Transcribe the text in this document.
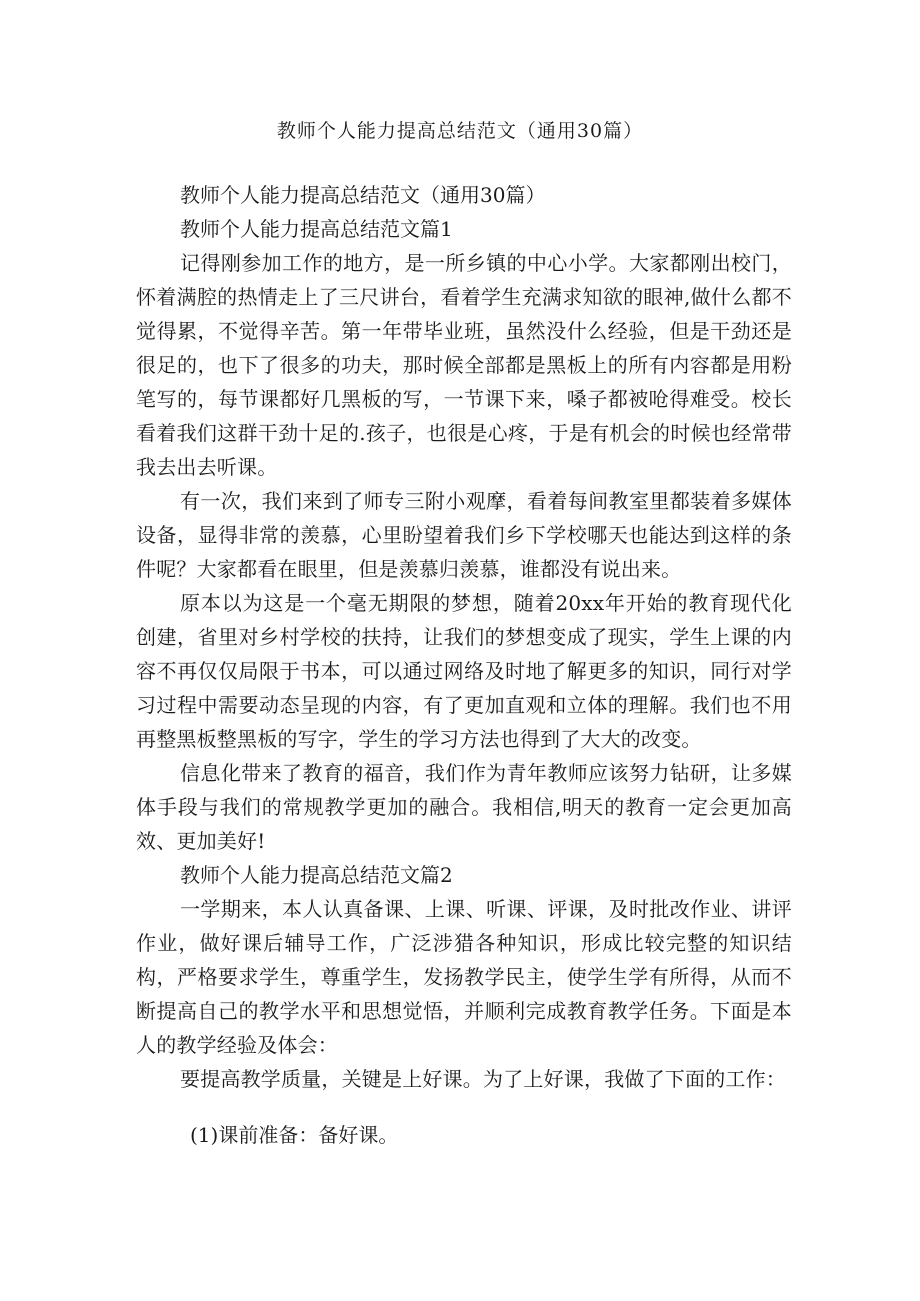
教师个人能力提高总结范文（通用30篇）

教师个人能力提高总结范文（通用30篇）

教师个人能力提高总结范文篇1

记得刚参加工作的地方，是一所乡镇的中心小学。大家都刚出校门，怀着满腔的热情走上了三尺讲台，看着学生充满求知欲的眼神,做什么都不觉得累，不觉得辛苦。第一年带毕业班，虽然没什么经验，但是干劲还是很足的，也下了很多的功夫，那时候全部都是黑板上的所有内容都是用粉笔写的，每节课都好几黑板的写，一节课下来，嗓子都被呛得难受。校长看着我们这群干劲十足的.孩子，也很是心疼，于是有机会的时候也经常带我去出去听课。

有一次，我们来到了师专三附小观摩，看着每间教室里都装着多媒体设备，显得非常的羡慕，心里盼望着我们乡下学校哪天也能达到这样的条件呢？大家都看在眼里，但是羡慕归羡慕，谁都没有说出来。

原本以为这是一个毫无期限的梦想，随着20xx年开始的教育现代化创建，省里对乡村学校的扶持，让我们的梦想变成了现实，学生上课的内容不再仅仅局限于书本，可以通过网络及时地了解更多的知识，同行对学习过程中需要动态呈现的内容，有了更加直观和立体的理解。我们也不用再整黑板整黑板的写字，学生的学习方法也得到了大大的改变。

信息化带来了教育的福音，我们作为青年教师应该努力钻研，让多媒体手段与我们的常规教学更加的融合。我相信,明天的教育一定会更加高效、更加美好!

教师个人能力提高总结范文篇2

一学期来，本人认真备课、上课、听课、评课，及时批改作业、讲评作业，做好课后辅导工作，广泛涉猎各种知识，形成比较完整的知识结构，严格要求学生，尊重学生，发扬教学民主，使学生学有所得，从而不断提高自己的教学水平和思想觉悟，并顺利完成教育教学任务。下面是本人的教学经验及体会：

要提高教学质量，关键是上好课。为了上好课，我做了下面的工作：

(1)课前准备：备好课。
